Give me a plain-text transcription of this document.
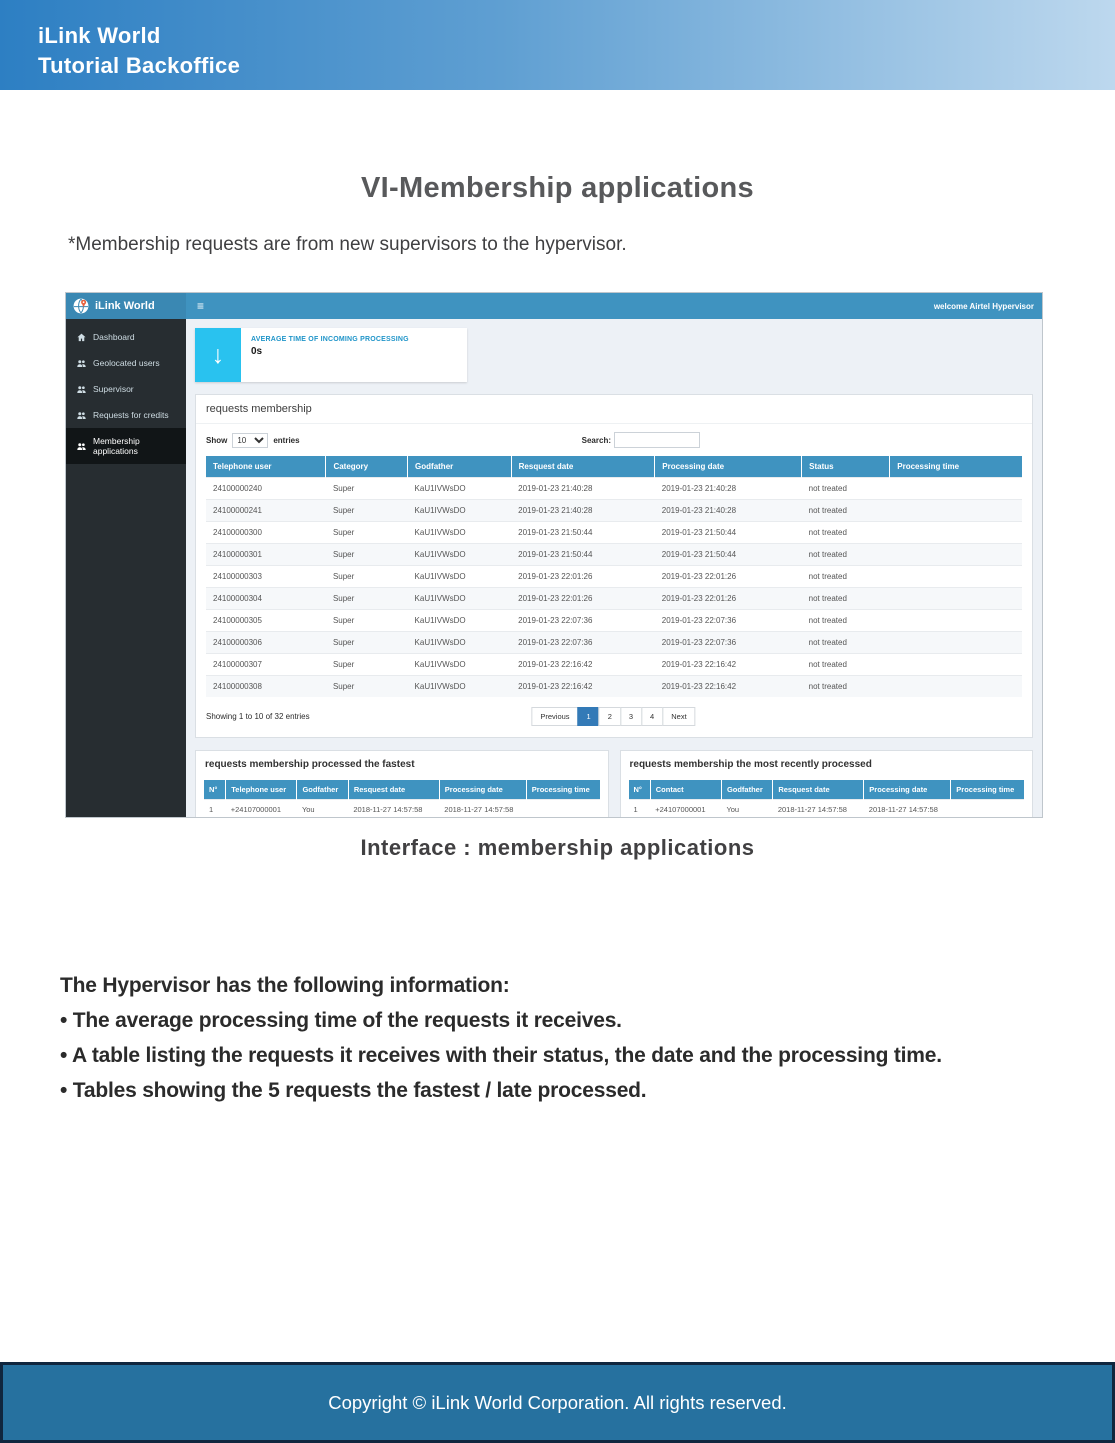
iLink World
Tutorial Backoffice
VI-Membership applications
*Membership requests are from new supervisors to the hypervisor.
iLink World	≡	welcome Airtel Hypervisor
Dashboard
Geolocated users
Supervisor
Requests for credits
Membership applications
↓
AVERAGE TIME OF INCOMING PROCESSING
0s
requests membership
Show
10	entries	Search:
Telephone user	Category	Godfather	Resquest date	Processing date	Status	Processing time
24100000240	Super	KaU1IVWsDO	2019-01-23 21:40:28	2019-01-23 21:40:28	not treated	
24100000241	Super	KaU1IVWsDO	2019-01-23 21:40:28	2019-01-23 21:40:28	not treated	
24100000300	Super	KaU1IVWsDO	2019-01-23 21:50:44	2019-01-23 21:50:44	not treated	
24100000301	Super	KaU1IVWsDO	2019-01-23 21:50:44	2019-01-23 21:50:44	not treated	
24100000303	Super	KaU1IVWsDO	2019-01-23 22:01:26	2019-01-23 22:01:26	not treated	
24100000304	Super	KaU1IVWsDO	2019-01-23 22:01:26	2019-01-23 22:01:26	not treated	
24100000305	Super	KaU1IVWsDO	2019-01-23 22:07:36	2019-01-23 22:07:36	not treated	
24100000306	Super	KaU1IVWsDO	2019-01-23 22:07:36	2019-01-23 22:07:36	not treated	
24100000307	Super	KaU1IVWsDO	2019-01-23 22:16:42	2019-01-23 22:16:42	not treated	
24100000308	Super	KaU1IVWsDO	2019-01-23 22:16:42	2019-01-23 22:16:42	not treated	
Showing 1 to 10 of 32 entries	Previous	1	2	3	4	Next
requests membership processed the fastest
N°	Telephone user	Godfather	Resquest date	Processing date	Processing time
1	+24107000001	You	2018-11-27 14:57:58	2018-11-27 14:57:58	
requests membership the most recently processed
N°	Contact	Godfather	Resquest date	Processing date	Processing time
1	+24107000001	You	2018-11-27 14:57:58	2018-11-27 14:57:58	
Interface : membership applications
The Hypervisor has the following information:
• The average processing time of the requests it receives.
• A table listing the requests it receives with their status, the date and the processing time.
• Tables showing the 5 requests the fastest / late processed.
Copyright © iLink World Corporation. All rights reserved.
